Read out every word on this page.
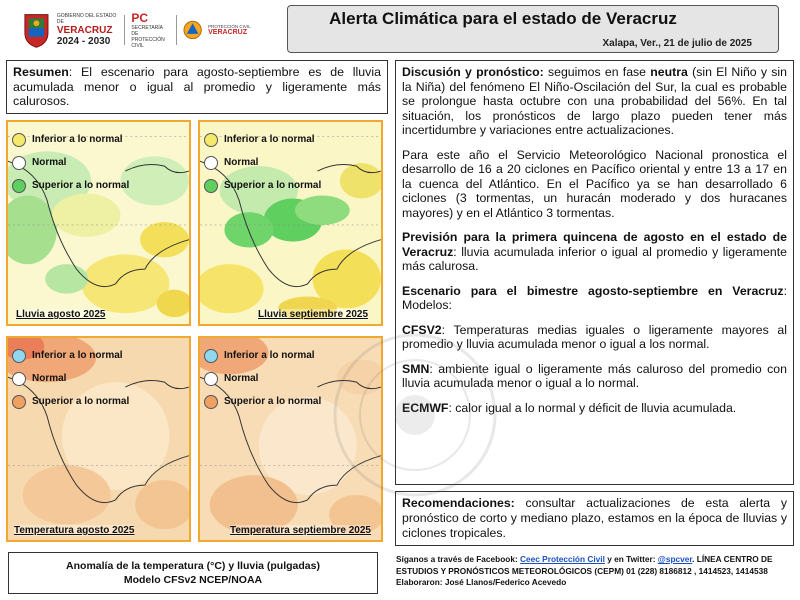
GOBIERNO DEL ESTADO DE
VERACRUZ
2024 - 2030
PC
SECRETARÍA DE PROTECCIÓN CIVIL
PROTECCIÓN CIVIL
VERACRUZ
Alerta Climática para el estado de Veracruz
Xalapa, Ver., 21 de julio de 2025
Resumen: El escenario para agosto-septiembre es de lluvia acumulada menor o igual al promedio y ligeramente más calurosos.
Inferior a lo normal
Normal
Superior a lo normal
Lluvia agosto 2025
Inferior a lo normal
Normal
Superior a lo normal
Lluvia septiembre 2025
Inferior a lo normal
Normal
Superior a lo normal
Temperatura agosto 2025
Inferior a lo normal
Normal
Superior a lo normal
Temperatura septiembre 2025

Discusión y pronóstico: seguimos en fase neutra (sin El Niño y sin la Niña) del fenómeno El Niño-Oscilación del Sur, la cual es probable se prolongue hasta octubre con una probabilidad del 56%. En tal situación, los pronósticos de largo plazo pueden tener más incertidumbre y variaciones entre actualizaciones.

Para este año el Servicio Meteorológico Nacional pronostica el desarrollo de 16 a 20 ciclones en Pacífico oriental y entre 13 a 17 en la cuenca del Atlántico. En el Pacífico ya se han desarrollado 6 ciclones (3 tormentas, un huracán moderado y dos huracanes mayores) y en el Atlántico 3 tormentas.

Previsión para la primera quincena de agosto en el estado de Veracruz: lluvia acumulada inferior o igual al promedio y ligeramente más calurosa.

Escenario para el bimestre agosto-septiembre en Veracruz: Modelos:

CFSV2: Temperaturas medias iguales o ligeramente mayores al promedio y lluvia acumulada menor o igual a los normal.

SMN: ambiente igual o ligeramente más caluroso del promedio con lluvia acumulada menor o igual a lo normal.

ECMWF: calor igual a lo normal y déficit de lluvia acumulada.

Recomendaciones: consultar actualizaciones de esta alerta y pronóstico de corto y mediano plazo, estamos en la época de lluvias y ciclones tropicales.
Anomalía de la temperatura (°C) y lluvia (pulgadas)
Modelo CFSv2 NCEP/NOAA
Síganos a través de Facebook: Ceec Protección Civil y en Twitter: @spcver. LÍNEA CENTRO DE ESTUDIOS Y PRONÓSTICOS METEOROLÓGICOS (CEPM) 01 (228) 8186812 , 1414523, 1414538 Elaboraron: José Llanos/Federico Acevedo
